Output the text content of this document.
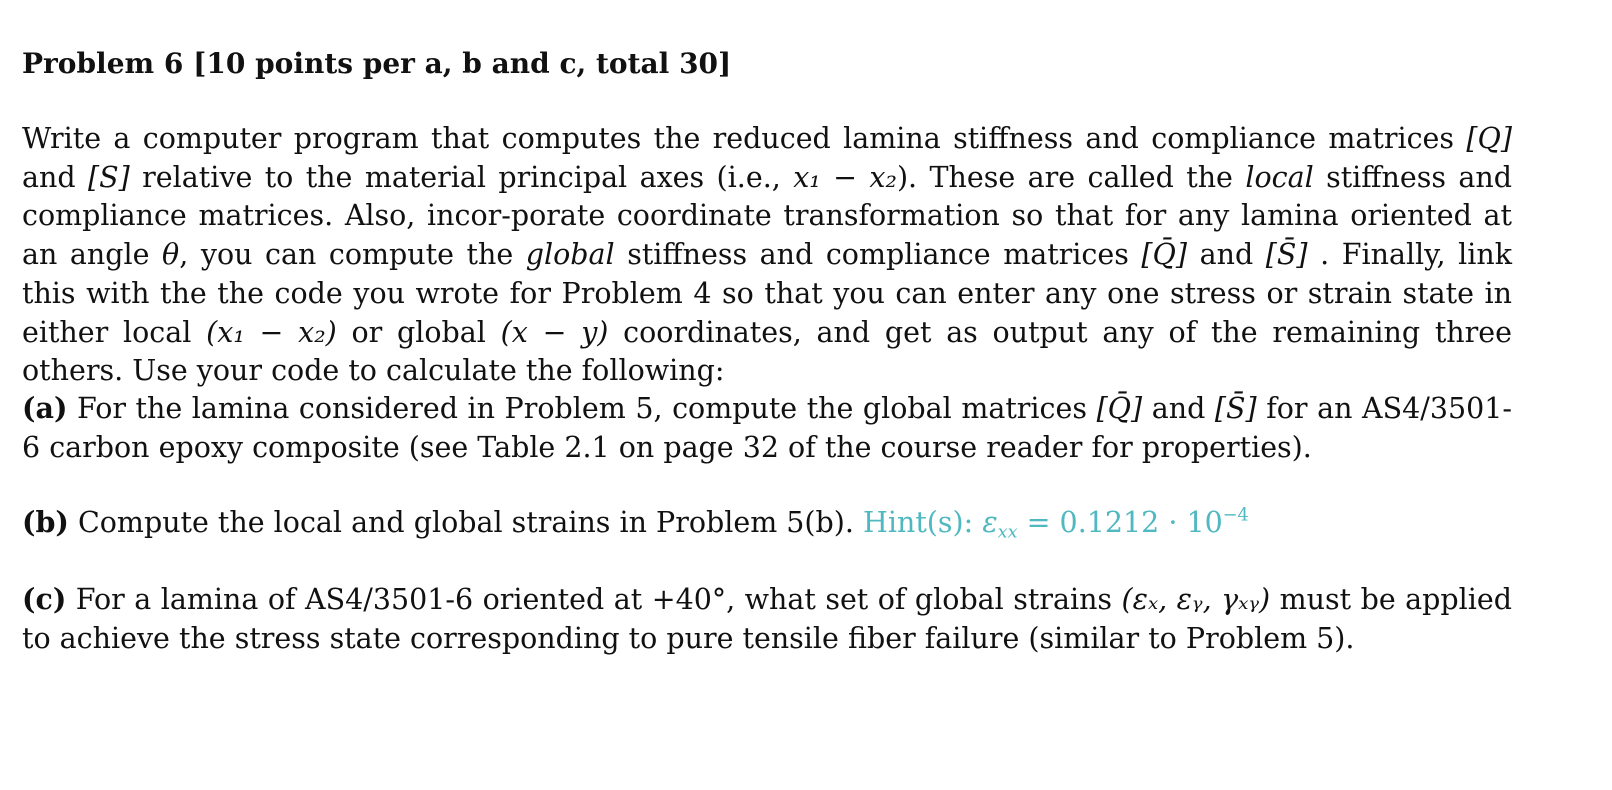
Problem 6 [10 points per a, b and c, total 30]

Write a computer program that computes the reduced lamina stiffness and compliance matrices [Q] and [S] relative to the material principal axes (i.e., x₁ − x₂). These are called the local stiffness and compliance matrices. Also, incor-porate coordinate transformation so that for any lamina oriented at an angle θ, you can compute the global stiffness and compliance matrices [Q̄] and [S̄] . Finally, link this with the the code you wrote for Problem 4 so that you can enter any one stress or strain state in either local (x₁ − x₂) or global (x − y) coordinates, and get as output any of the remaining three others. Use your code to calculate the following:

(a) For the lamina considered in Problem 5, compute the global matrices [Q̄] and [S̄] for an AS4/3501-6 carbon epoxy composite (see Table 2.1 on page 32 of the course reader for properties).

(b) Compute the local and global strains in Problem 5(b). Hint(s): $\varepsilon_{xx} = 0.1212 \cdot 10^{-4}$

(c) For a lamina of AS4/3501-6 oriented at +40°, what set of global strains (εₓ, εᵧ, γₓᵧ) must be applied to achieve the stress state corresponding to pure tensile fiber failure (similar to Problem 5).
